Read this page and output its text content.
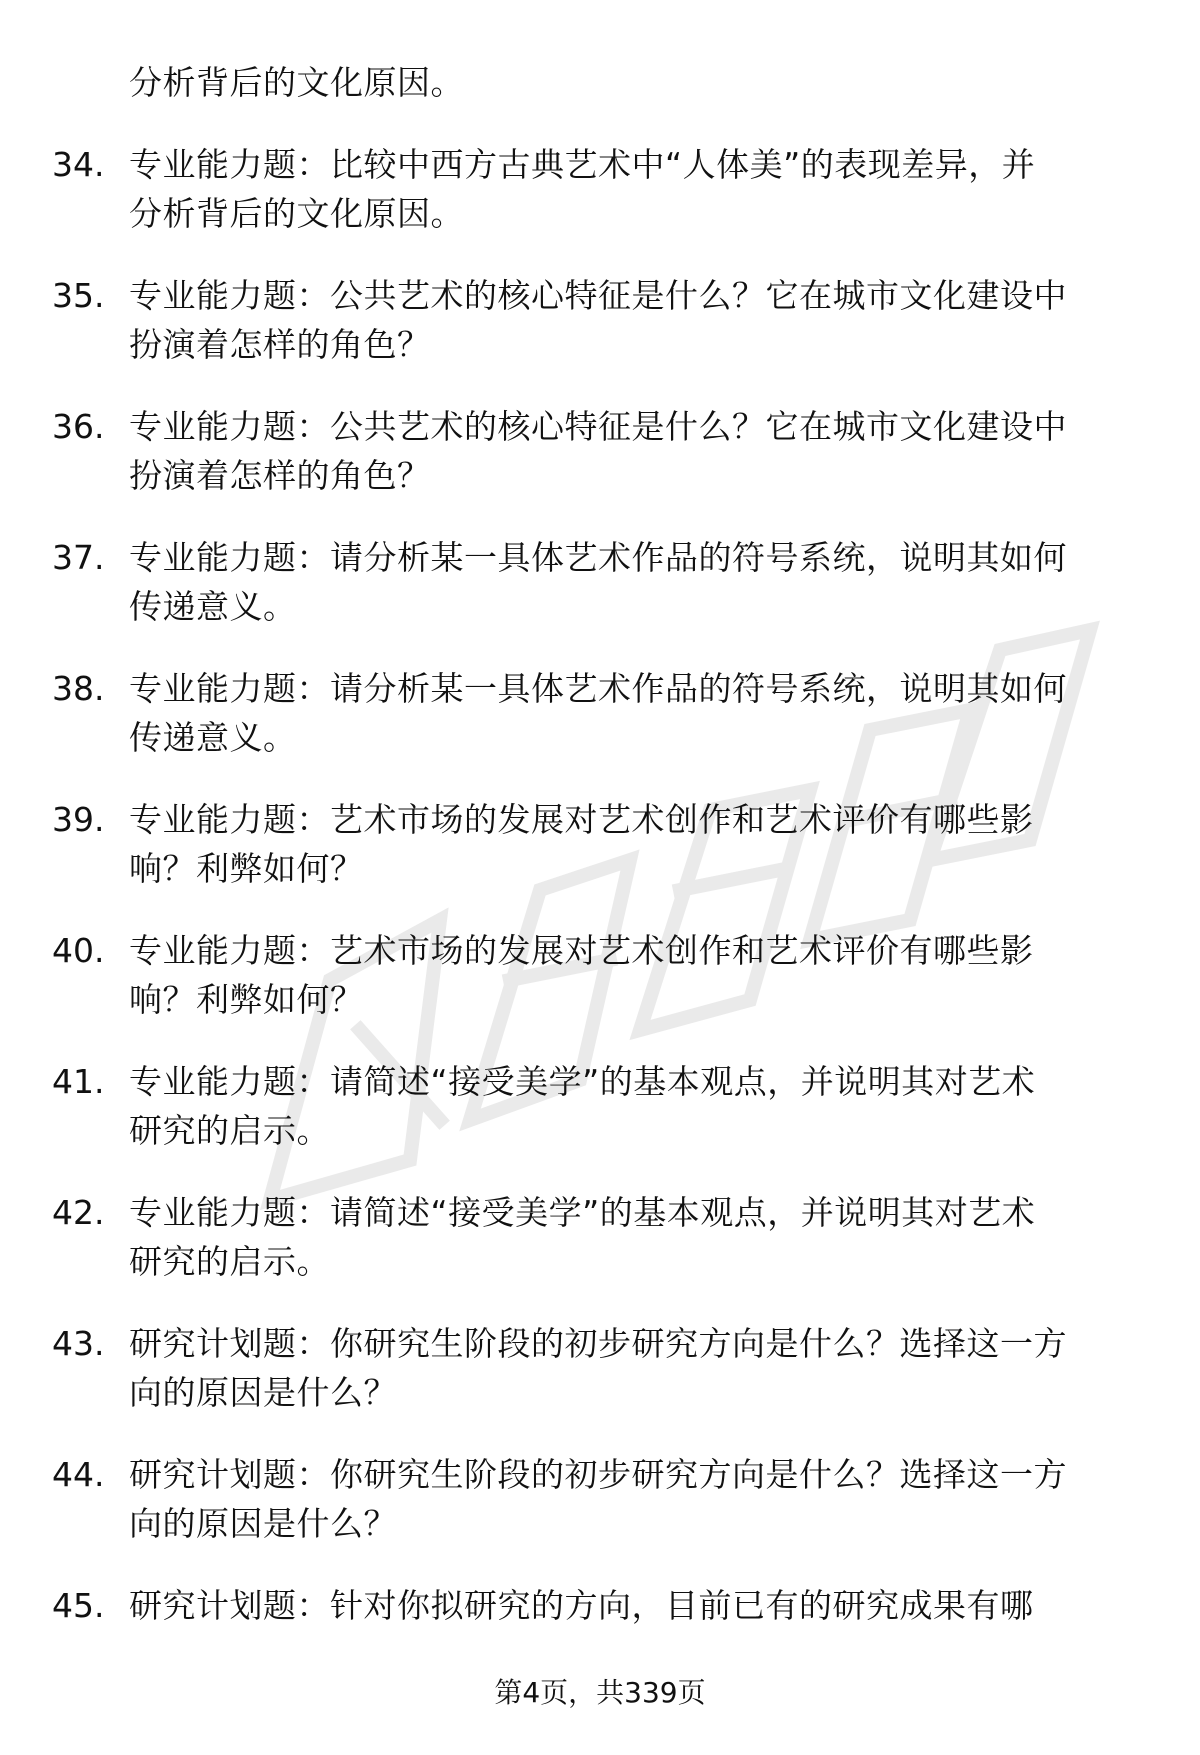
分析背后的文化原因。
34. 专业能力题：比较中西方古典艺术中“人体美”的表现差异，并
分析背后的文化原因。
35. 专业能力题：公共艺术的核心特征是什么？它在城市文化建设中
扮演着怎样的角色？
36. 专业能力题：公共艺术的核心特征是什么？它在城市文化建设中
扮演着怎样的角色？
37. 专业能力题：请分析某一具体艺术作品的符号系统，说明其如何
传递意义。
38. 专业能力题：请分析某一具体艺术作品的符号系统，说明其如何
传递意义。
39. 专业能力题：艺术市场的发展对艺术创作和艺术评价有哪些影
响？利弊如何？
40. 专业能力题：艺术市场的发展对艺术创作和艺术评价有哪些影
响？利弊如何？
41. 专业能力题：请简述“接受美学”的基本观点，并说明其对艺术
研究的启示。
42. 专业能力题：请简述“接受美学”的基本观点，并说明其对艺术
研究的启示。
43. 研究计划题：你研究生阶段的初步研究方向是什么？选择这一方
向的原因是什么？
44. 研究计划题：你研究生阶段的初步研究方向是什么？选择这一方
向的原因是什么？
45. 研究计划题：针对你拟研究的方向，目前已有的研究成果有哪
第4页，共339页
